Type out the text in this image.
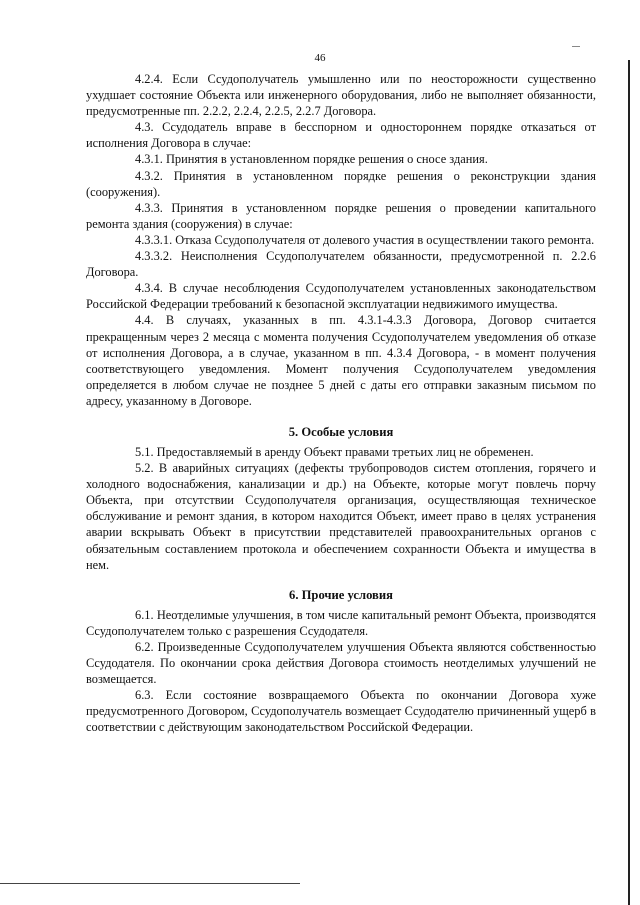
46

4.2.4. Если Ссудополучатель умышленно или по неосторожности существенно ухудшает состояние Объекта или инженерного оборудования, либо не выполняет обязанности, предусмотренные пп. 2.2.2, 2.2.4, 2.2.5, 2.2.7 Договора.

4.3. Ссудодатель вправе в бесспорном и одностороннем порядке отказаться от исполнения Договора в случае:

4.3.1. Принятия в установленном порядке решения о сносе здания.

4.3.2. Принятия в установленном порядке решения о реконструкции здания (сооружения).

4.3.3. Принятия в установленном порядке решения о проведении капитального ремонта здания (сооружения) в случае:

4.3.3.1. Отказа Ссудополучателя от долевого участия в осуществлении такого ремонта.

4.3.3.2. Неисполнения Ссудополучателем обязанности, предусмотренной п. 2.2.6 Договора.

4.3.4. В случае несоблюдения Ссудополучателем установленных законодательством Российской Федерации требований к безопасной эксплуатации недвижимого имущества.

4.4. В случаях, указанных в пп. 4.3.1-4.3.3 Договора, Договор считается прекращенным через 2 месяца с момента получения Ссудополучателем уведомления об отказе от исполнения Договора, а в случае, указанном в пп. 4.3.4 Договора, - в момент получения соответствующего уведомления. Момент получения Ссудополучателем уведомления определяется в любом случае не позднее 5 дней с даты его отправки заказным письмом по адресу, указанному в Договоре.

5. Особые условия

5.1. Предоставляемый в аренду Объект правами третьих лиц не обременен.

5.2. В аварийных ситуациях (дефекты трубопроводов систем отопления, горячего и холодного водоснабжения, канализации и др.) на Объекте, которые могут повлечь порчу Объекта, при отсутствии Ссудополучателя организация, осуществляющая техническое обслуживание и ремонт здания, в котором находится Объект, имеет право в целях устранения аварии вскрывать Объект в присутствии представителей правоохранительных органов с обязательным составлением протокола и обеспечением сохранности Объекта и имущества в нем.

6. Прочие условия

6.1. Неотделимые улучшения, в том числе капитальный ремонт Объекта, производятся Ссудополучателем только с разрешения Ссудодателя.

6.2. Произведенные Ссудополучателем улучшения Объекта являются собственностью Ссудодателя. По окончании срока действия Договора стоимость неотделимых улучшений не возмещается.

6.3. Если состояние возвращаемого Объекта по окончании Договора хуже предусмотренного Договором, Ссудополучатель возмещает Ссудодателю причиненный ущерб в соответствии с действующим законодательством Российской Федерации.
